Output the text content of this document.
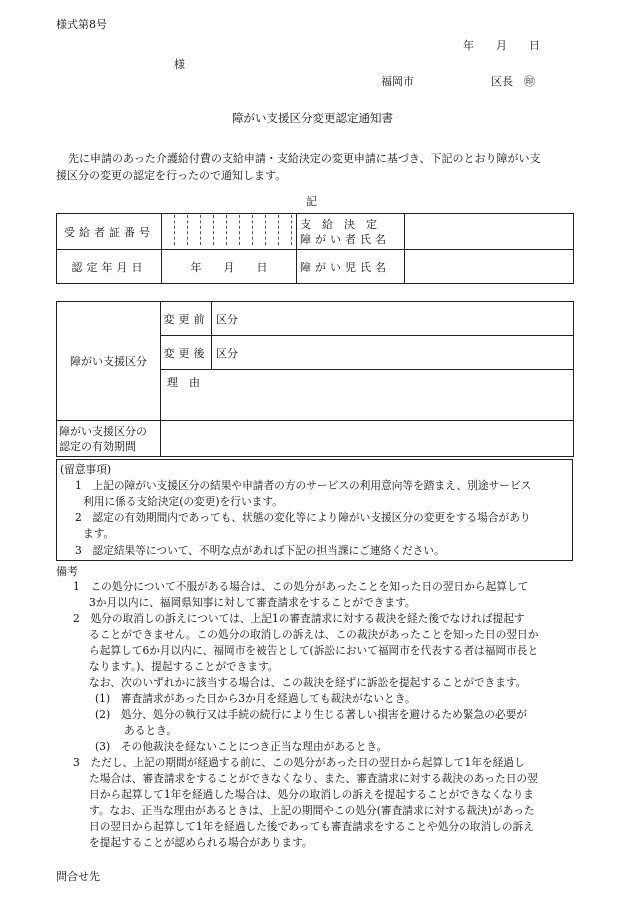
様式第8号
年　　月　　日
様
福岡市　　　　　　　区長　㊞
障がい支援区分変更認定通知書
先に申請のあった介護給付費の支給申請・支給決定の変更申請に基づき、下記のとおり障がい支
援区分の変更の認定を行ったので通知します。
記
受給者証番号		支　給　決　定
障がい者氏名	

認定年月日	年　　月　　日	障がい児氏名	
障がい支援区分	変更前	区分
	変更後	区分
	理　由	

障がい支援区分の
認定の有効期間		

(留意事項)
1　上記の障がい支援区分の結果や申請者の方のサービスの利用意向等を踏まえ、別途サービス
利用に係る支給決定(の変更)を行います。
2　認定の有効期間内であっても、状態の変化等により障がい支援区分の変更をする場合があり
ます。
3　認定結果等について、不明な点があれば下記の担当課にご連絡ください。
備考
1　この処分について不服がある場合は、この処分があったことを知った日の翌日から起算して
3か月以内に、福岡県知事に対して審査請求をすることができます。
2　処分の取消しの訴えについては、上記1の審査請求に対する裁決を経た後でなければ提起す
ることができません。この処分の取消しの訴えは、この裁決があったことを知った日の翌日か
ら起算して6か月以内に、福岡市を被告として(訴訟において福岡市を代表する者は福岡市長と
なります。)、提起することができます。
なお、次のいずれかに該当する場合は、この裁決を経ずに訴訟を提起することができます。
(1)　審査請求があった日から3か月を経過しても裁決がないとき。
(2)　処分、処分の執行又は手続の続行により生じる著しい損害を避けるため緊急の必要が
あるとき。
(3)　その他裁決を経ないことにつき正当な理由があるとき。
3　ただし、上記の期間が経過する前に、この処分があった日の翌日から起算して1年を経過し
た場合は、審査請求をすることができなくなり、また、審査請求に対する裁決のあった日の翌
日から起算して1年を経過した場合は、処分の取消しの訴えを提起することができなくなりま
す。なお、正当な理由があるときは、上記の期間やこの処分(審査請求に対する裁決)があった
日の翌日から起算して1年を経過した後であっても審査請求をすることや処分の取消しの訴え
を提起することが認められる場合があります。
問合せ先
